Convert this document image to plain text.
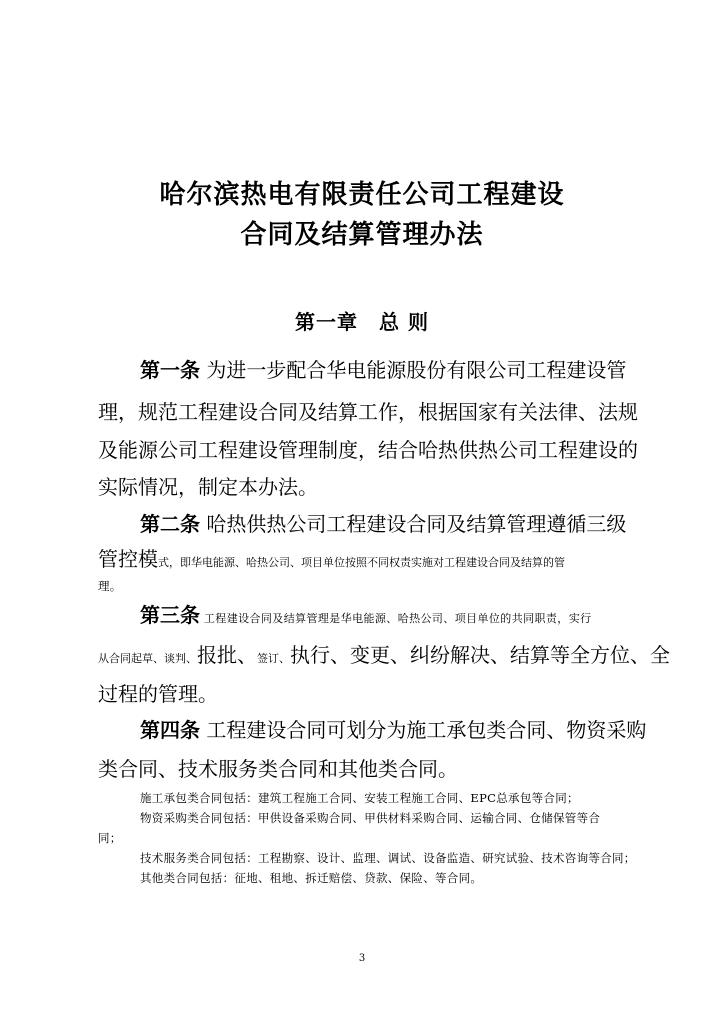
哈尔滨热电有限责任公司工程建设
合同及结算管理办法
第一章　总 则
第一条 为进一步配合华电能源股份有限公司工程建设管
理，规范工程建设合同及结算工作，根据国家有关法律、法规
及能源公司工程建设管理制度，结合哈热供热公司工程建设的
实际情况，制定本办法。
第二条 哈热供热公司工程建设合同及结算管理遵循三级
管控模式，即华电能源、哈热公司、项目单位按照不同权责实施对工程建设合同及结算的管
理。
第三条 工程建设合同及结算管理是华电能源、哈热公司、项目单位的共同职责，实行
从合同起草、谈判、报批、签订、执行、变更、纠纷解决、结算等全方位、全
过程的管理。
第四条 工程建设合同可划分为施工承包类合同、物资采购
类合同、技术服务类合同和其他类合同。
施工承包类合同包括：建筑工程施工合同、安装工程施工合同、EPC总承包等合同；
物资采购类合同包括：甲供设备采购合同、甲供材料采购合同、运输合同、仓储保管等合
同；
技术服务类合同包括：工程勘察、设计、监理、调试、设备监造、研究试验、技术咨询等合同；
其他类合同包括：征地、租地、拆迁赔偿、贷款、保险、等合同。
3
